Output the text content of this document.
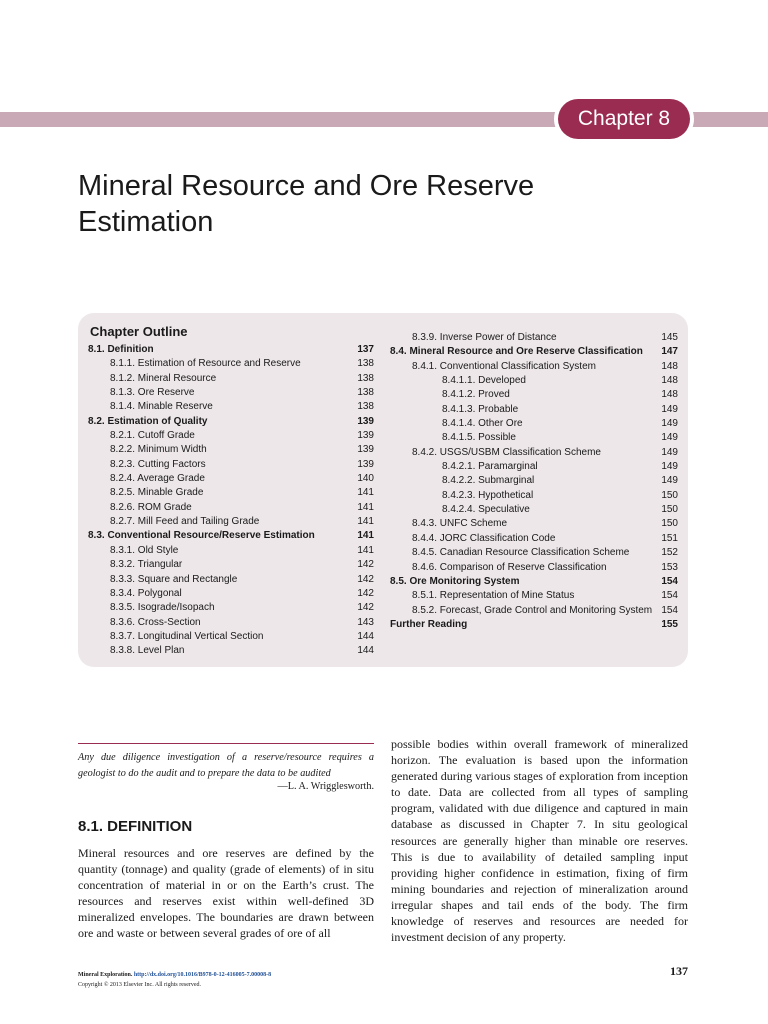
Chapter 8
Mineral Resource and Ore Reserve
Estimation
Chapter Outline
8.1. Definition	137
8.1.1. Estimation of Resource and Reserve	138
8.1.2. Mineral Resource	138
8.1.3. Ore Reserve	138
8.1.4. Minable Reserve	138
8.2. Estimation of Quality	139
8.2.1. Cutoff Grade	139
8.2.2. Minimum Width	139
8.2.3. Cutting Factors	139
8.2.4. Average Grade	140
8.2.5. Minable Grade	141
8.2.6. ROM Grade	141
8.2.7. Mill Feed and Tailing Grade	141
8.3. Conventional Resource/Reserve Estimation	141
8.3.1. Old Style	141
8.3.2. Triangular	142
8.3.3. Square and Rectangle	142
8.3.4. Polygonal	142
8.3.5. Isograde/Isopach	142
8.3.6. Cross-Section	143
8.3.7. Longitudinal Vertical Section	144
8.3.8. Level Plan	144
8.3.9. Inverse Power of Distance	145
8.4. Mineral Resource and Ore Reserve Classification 147
8.4.1. Conventional Classification System	148
8.4.1.1. Developed	148
8.4.1.2. Proved	148
8.4.1.3. Probable	149
8.4.1.4. Other Ore	149
8.4.1.5. Possible	149
8.4.2. USGS/USBM Classification Scheme	149
8.4.2.1. Paramarginal	149
8.4.2.2. Submarginal	149
8.4.2.3. Hypothetical	150
8.4.2.4. Speculative	150
8.4.3. UNFC Scheme	150
8.4.4. JORC Classification Code	151
8.4.5. Canadian Resource Classification Scheme	152
8.4.6. Comparison of Reserve Classification	153
8.5. Ore Monitoring System	154
8.5.1. Representation of Mine Status	154
8.5.2. Forecast, Grade Control and Monitoring System 154
Further Reading	155
Any due diligence investigation of a reserve/resource requires a geologist to do the audit and to prepare the data to be audited
—L. A. Wrigglesworth.
8.1. DEFINITION

Mineral resources and ore reserves are defined by the quantity (tonnage) and quality (grade of elements) of in situ concentration of material in or on the Earth’s crust. The resources and reserves exist within well-defined 3D mineralized envelopes. The boundaries are drawn between ore and waste or between several grades of ore of all

possible bodies within overall framework of mineralized horizon. The evaluation is based upon the information generated during various stages of exploration from inception to date. Data are collected from all types of sampling program, validated with due diligence and captured in main database as discussed in Chapter 7. In situ geological resources are generally higher than minable ore reserves. This is due to availability of detailed sampling input providing higher confidence in estimation, fixing of firm mining boundaries and rejection of mineralization around irregular shapes and tail ends of the body. The firm knowledge of reserves and resources are needed for investment decision of any property.

Mineral Exploration. http://dx.doi.org/10.1016/B978-0-12-416005-7.00008-8
Copyright © 2013 Elsevier Inc. All rights reserved.
137
